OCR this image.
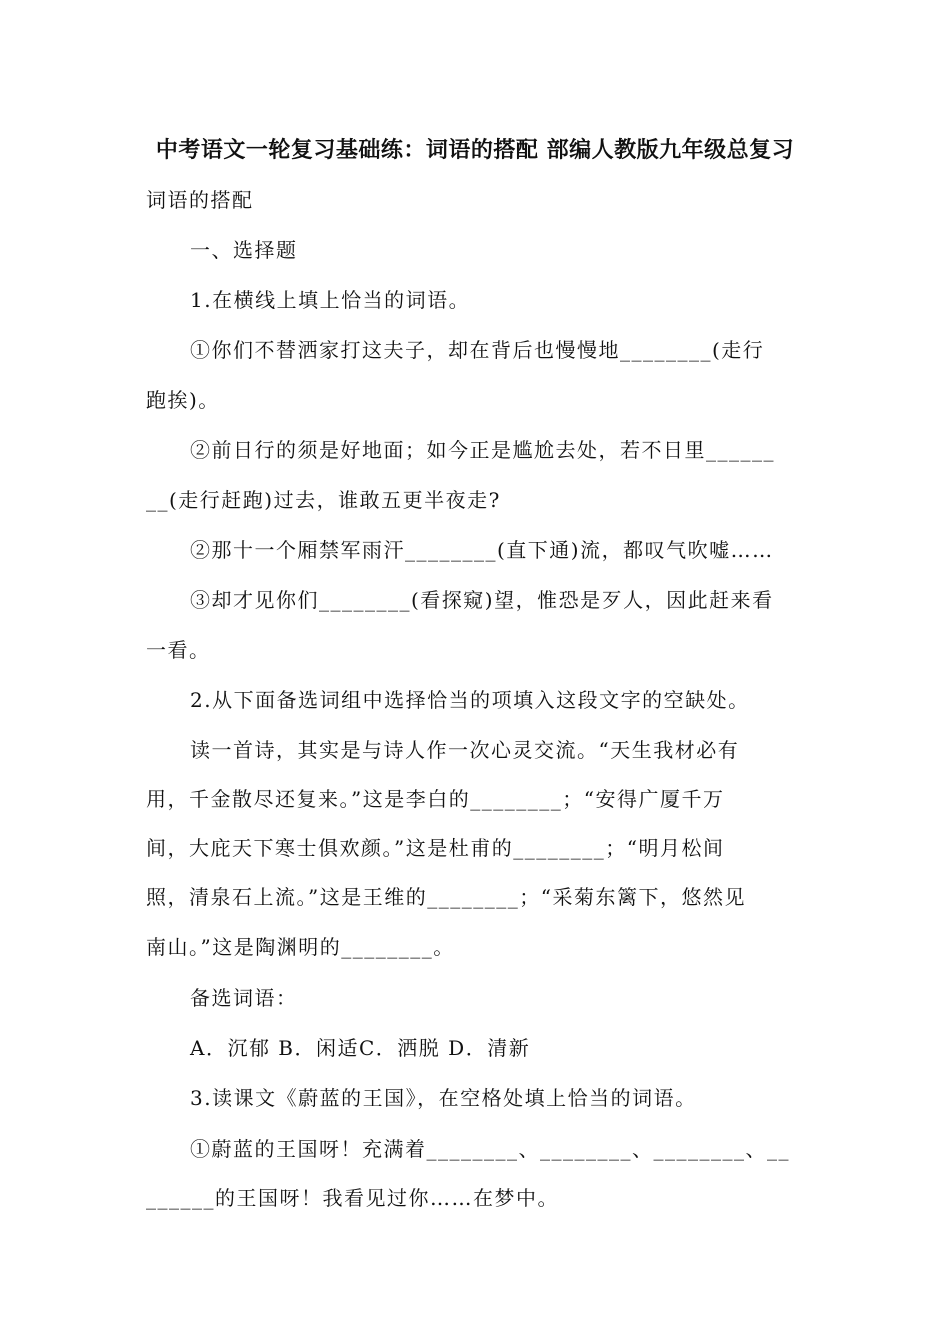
中考语文一轮复习基础练：词语的搭配 部编人教版九年级总复习
词语的搭配
一、选择题
1.在横线上填上恰当的词语。
①你们不替洒家打这夫子，却在背后也慢慢地________(走行
跑挨)。
②前日行的须是好地面；如今正是尴尬去处，若不日里______
__(走行赶跑)过去，谁敢五更半夜走?
②那十一个厢禁军雨汗________(直下通)流，都叹气吹嘘……
③却才见你们________(看探窥)望，惟恐是歹人，因此赶来看
一看。
2.从下面备选词组中选择恰当的项填入这段文字的空缺处。
读一首诗，其实是与诗人作一次心灵交流。“天生我材必有
用，千金散尽还复来。”这是李白的________；“安得广厦千万
间，大庇天下寒士俱欢颜。”这是杜甫的________；“明月松间
照，清泉石上流。”这是王维的________；“采菊东篱下，悠然见
南山。”这是陶渊明的________。
备选词语：
A．沉郁 B．闲适C．洒脱 D．清新
3.读课文《蔚蓝的王国》，在空格处填上恰当的词语。
①蔚蓝的王国呀！充满着________、________、________、__
______的王国呀！我看见过你……在梦中。
